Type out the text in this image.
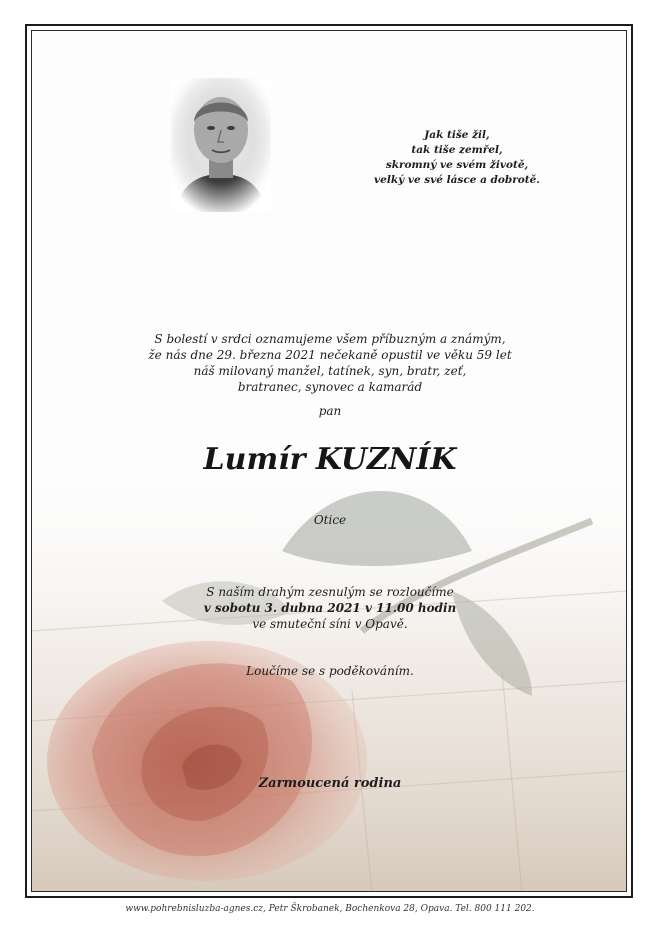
Jak tiše žil,
tak tiše zemřel,
skromný ve svém životě,
velký ve své lásce a dobrotě.
S bolestí v srdci oznamujeme všem příbuzným a známým,
že nás dne 29. března 2021 nečekaně opustil ve věku 59 let
náš milovaný manžel, tatínek, syn, bratr, zeť,
bratranec, synovec a kamarád
pan
Lumír KUZNÍK
Otice
S naším drahým zesnulým se rozloučíme
v sobotu 3. dubna 2021 v 11.00 hodin
ve smuteční síni v Opavě.
Loučíme se s poděkováním.
Zarmoucená rodina
www.pohrebnisluzba-agnes.cz, Petr Škrobanek, Bochenkova 28, Opava. Tel. 800 111 202.
